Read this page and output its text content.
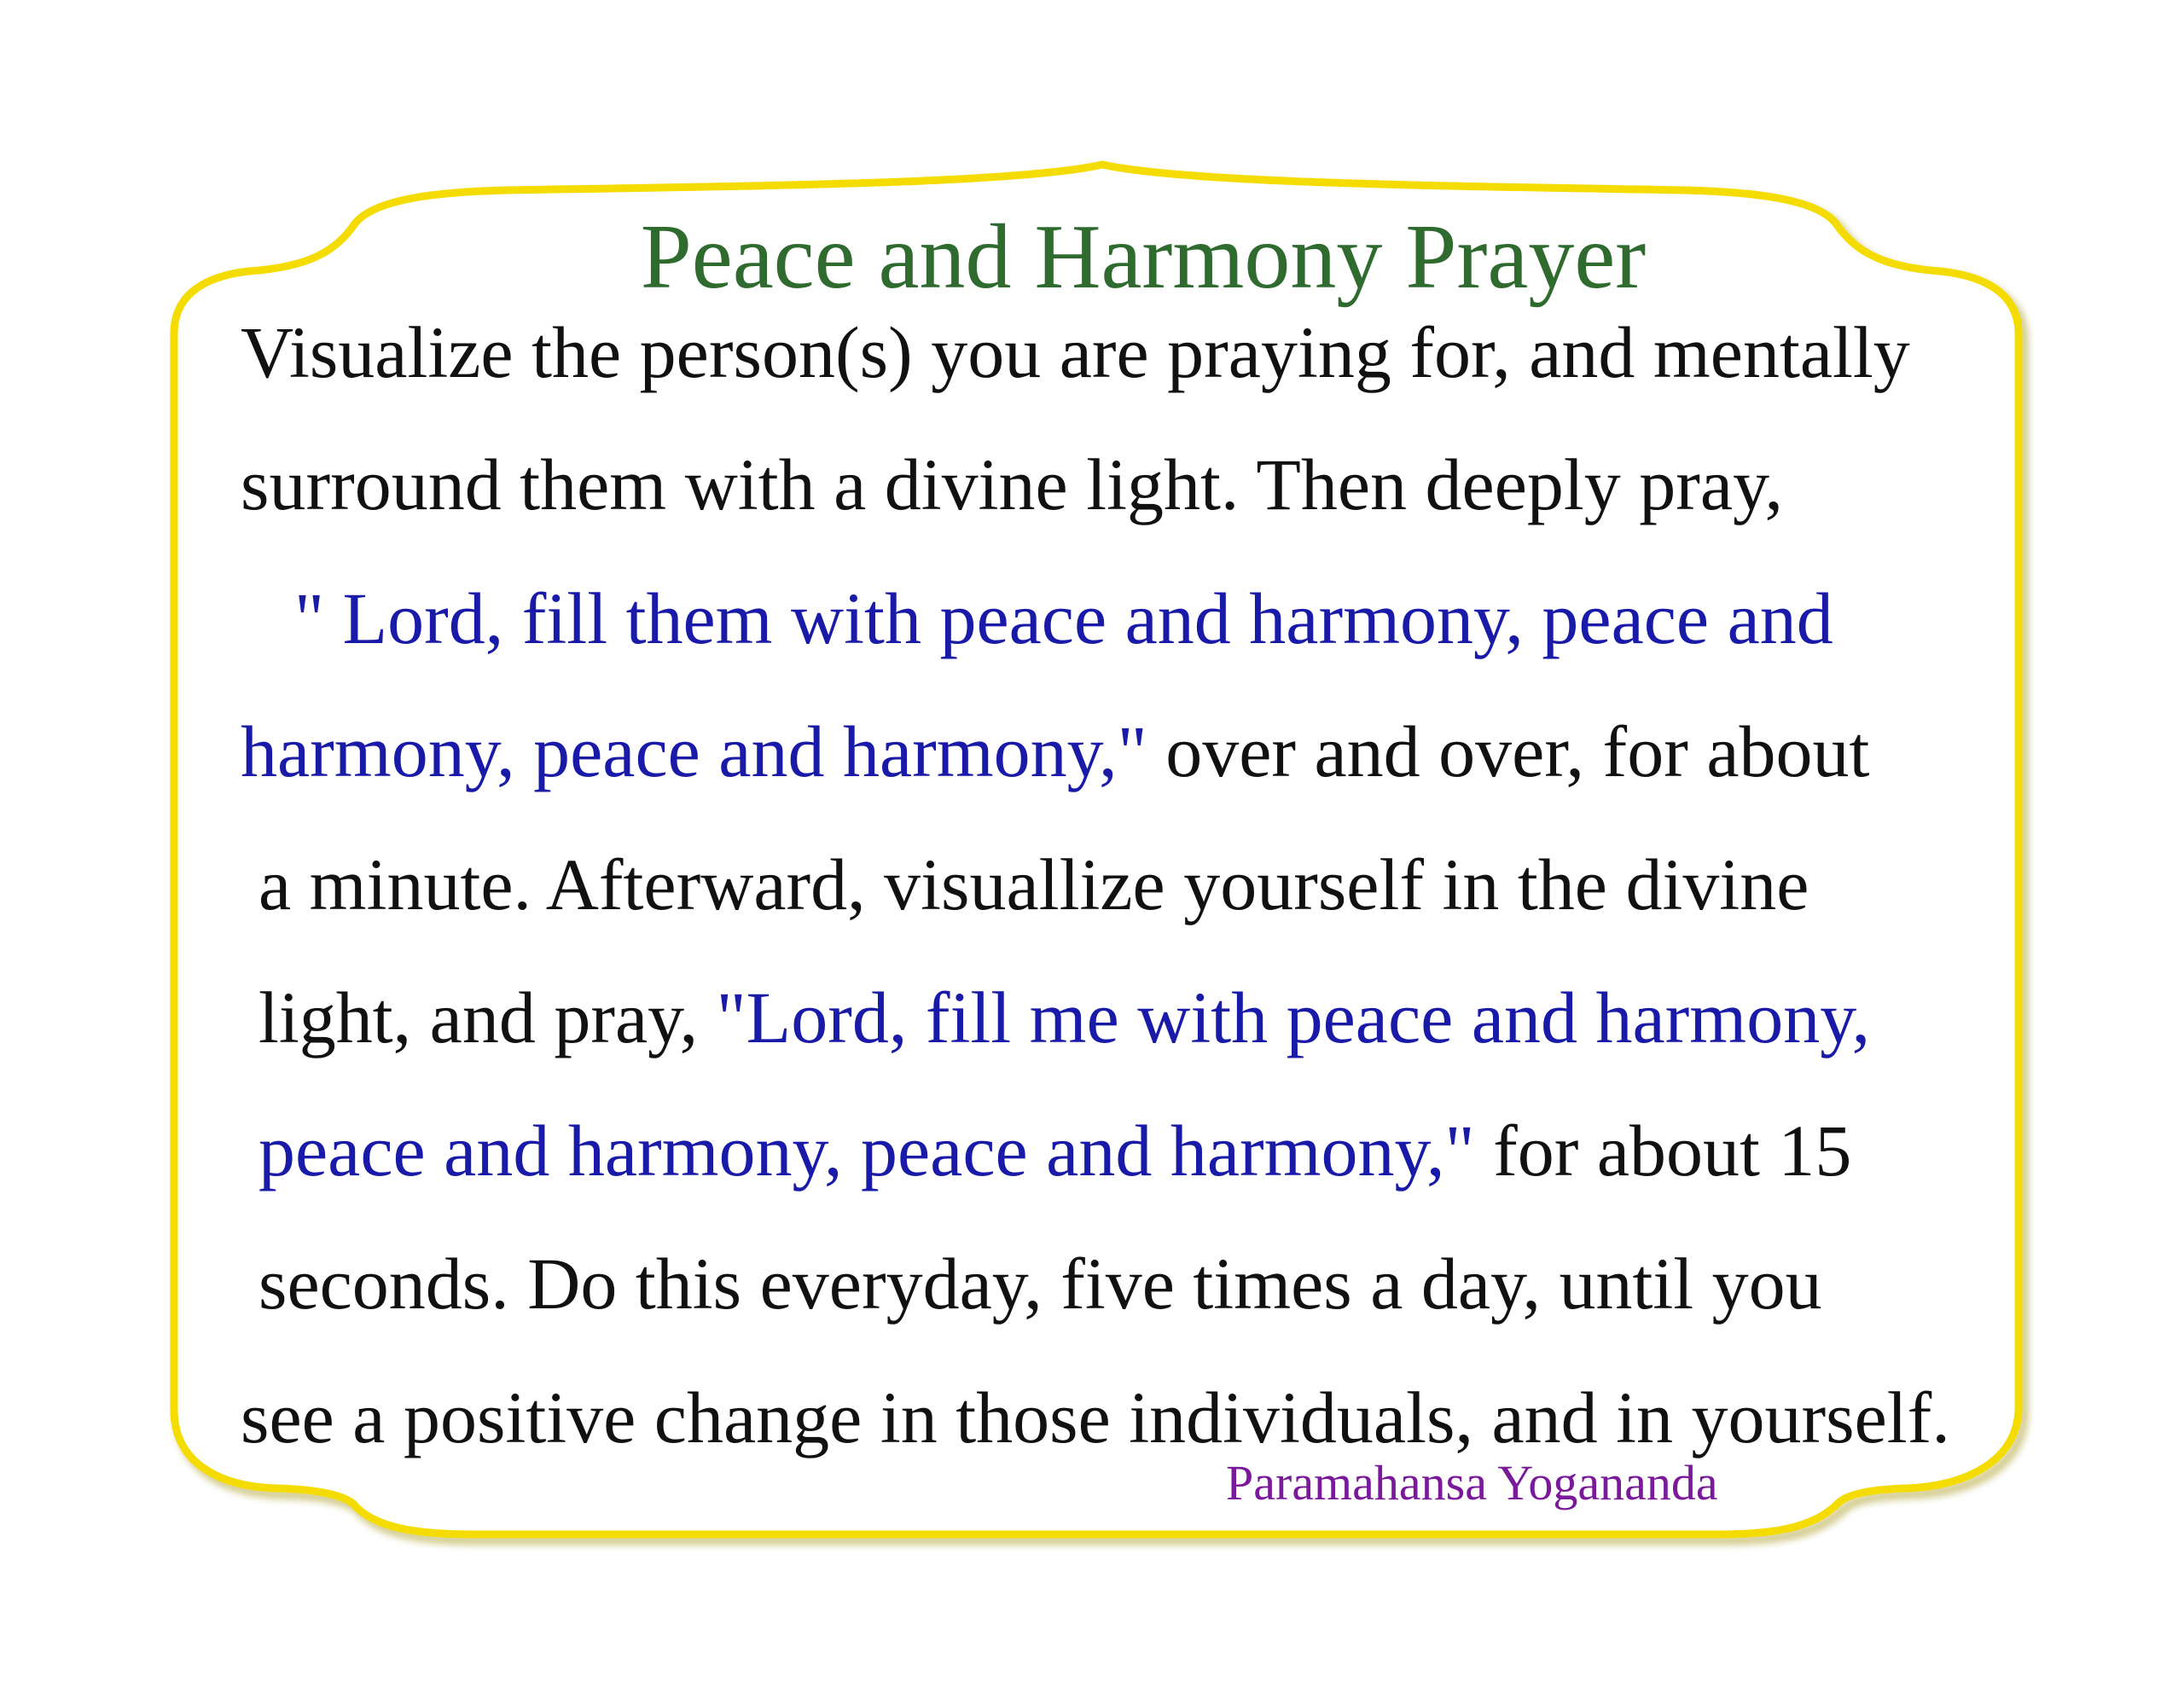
Peace and Harmony Prayer
Visualize the person(s) you are praying for, and mentally
surround them with a divine light. Then deeply pray,
" Lord, fill them with peace and harmony, peace and
harmony, peace and harmony," over and over, for about
a minute. Afterward, visuallize yourself in the divine
light, and pray, "Lord, fill me with peace and harmony,
peace and harmony, peace and harmony," for about 15
seconds. Do this everyday, five times a day, until you
see a positive change in those individuals, and in yourself.
Paramahansa Yogananda
